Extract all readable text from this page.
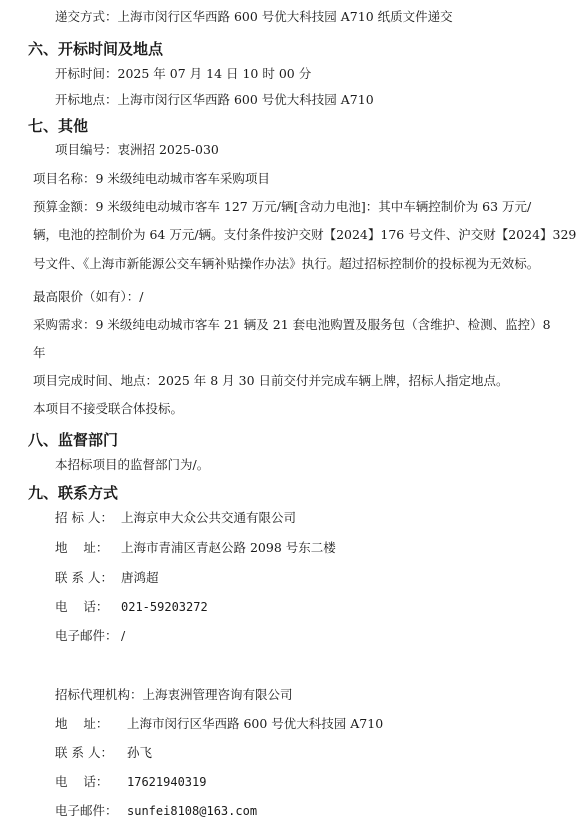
递交方式：上海市闵行区华西路 600 号优大科技园 A710 纸质文件递交
六、开标时间及地点
开标时间：2025 年 07 月 14 日 10 时 00 分
开标地点：上海市闵行区华西路 600 号优大科技园 A710
七、其他
项目编号：衷洲招 2025-030
项目名称：9 米级纯电动城市客车采购项目
预算金额：9 米级纯电动城市客车 127 万元/辆[含动力电池]：其中车辆控制价为 63 万元/
辆，电池的控制价为 64 万元/辆。支付条件按沪交财【2024】176 号文件、沪交财【2024】329
号文件、《上海市新能源公交车辆补贴操作办法》执行。超过招标控制价的投标视为无效标。
最高限价（如有）：/
采购需求：9 米级纯电动城市客车 21 辆及 21 套电池购置及服务包（含维护、检测、监控）8
年
项目完成时间、地点：2025 年 8 月 30 日前交付并完成车辆上牌，招标人指定地点。
本项目不接受联合体投标。
八、监督部门
本招标项目的监督部门为/。
九、联系方式
招 标 人： 上海京申大众公共交通有限公司
地    址： 上海市青浦区青赵公路 2098 号东二楼
联 系 人： 唐鸿超
电    话： 021-59203272
电子邮件： /
招标代理机构：上海衷洲管理咨询有限公司
地    址： 上海市闵行区华西路 600 号优大科技园 A710
联 系 人： 孙飞
电    话： 17621940319
电子邮件： sunfei8108@163.com
